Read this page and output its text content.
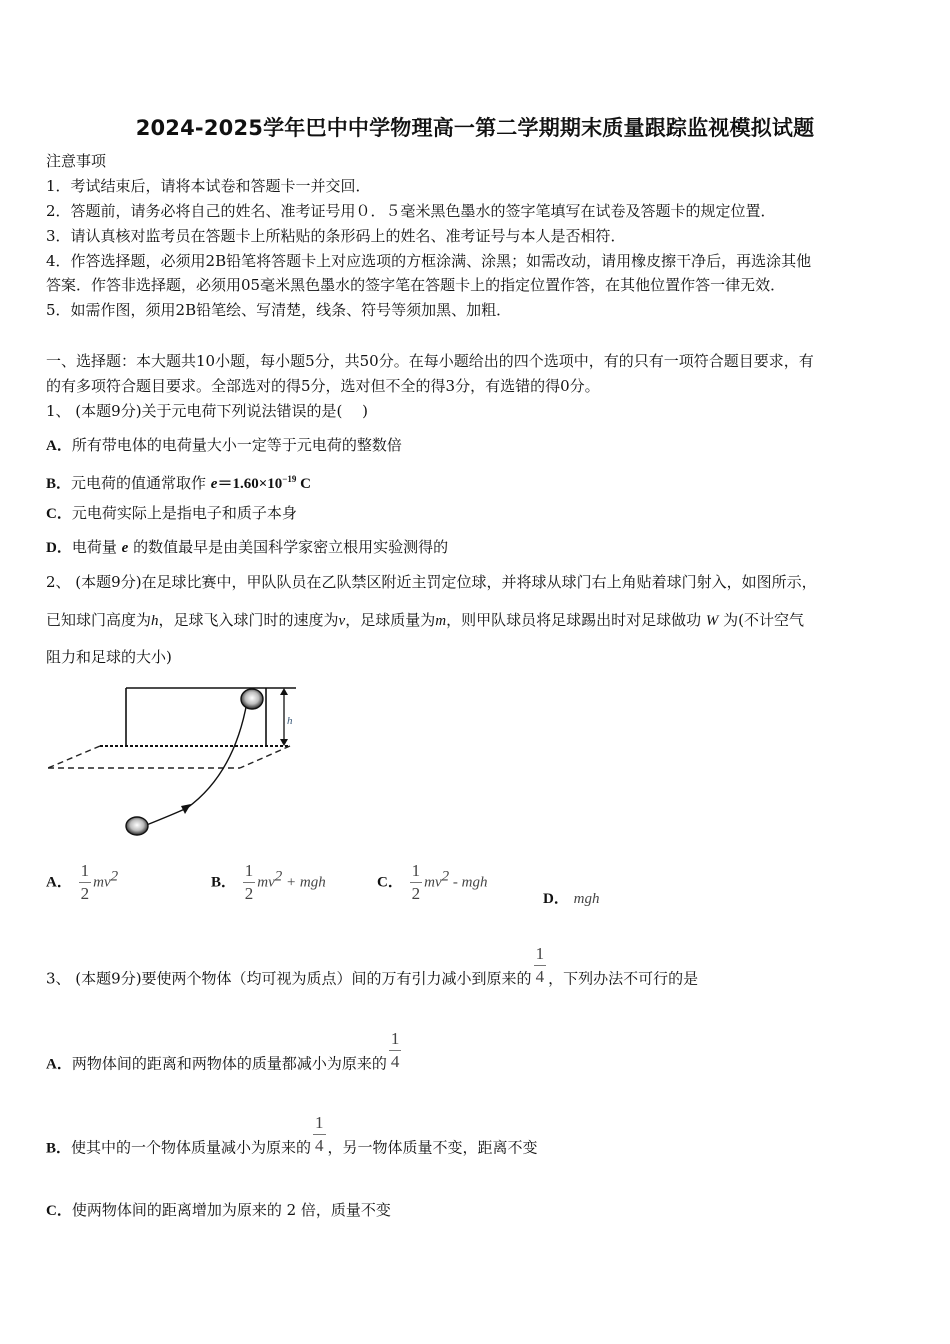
2024-2025学年巴中中学物理高一第二学期期末质量跟踪监视模拟试题
注意事项
1．考试结束后，请将本试卷和答题卡一并交回．
2．答题前，请务必将自己的姓名、准考证号用０．５毫米黑色墨水的签字笔填写在试卷及答题卡的规定位置．
3．请认真核对监考员在答题卡上所粘贴的条形码上的姓名、准考证号与本人是否相符．
4．作答选择题，必须用2B铅笔将答题卡上对应选项的方框涂满、涂黑；如需改动，请用橡皮擦干净后，再选涂其他
答案．作答非选择题，必须用05毫米黑色墨水的签字笔在答题卡上的指定位置作答，在其他位置作答一律无效．
5．如需作图，须用2B铅笔绘、写清楚，线条、符号等须加黑、加粗．
一、选择题：本大题共10小题，每小题5分，共50分。在每小题给出的四个选项中，有的只有一项符合题目要求，有
的有多项符合题目要求。全部选对的得5分，选对但不全的得3分，有选错的得0分。
1、 (本题9分)关于元电荷下列说法错误的是(　 )
A．所有带电体的电荷量大小一定等于元电荷的整数倍
B．元电荷的值通常取作 $e=1.60\times 10^{-19}$ C
C．元电荷实际上是指电子和质子本身
D．电荷量 e 的数值最早是由美国科学家密立根用实验测得的
2、 (本题9分)在足球比赛中，甲队队员在乙队禁区附近主罚定位球，并将球从球门右上角贴着球门射入，如图所示，
已知球门高度为h，足球飞入球门时的速度为v，足球质量为m，则甲队球员将足球踢出时对足球做功 W 为(不计空气
阻力和足球的大小)
h
A． $\frac{1}{2} mv^2$	B． $\frac{1}{2} mv^2$ + mgh	C． $\frac{1}{2} mv^2$ - mgh
D． mgh
3、 (本题9分)要使两个物体（均可视为质点）间的万有引力减小到原来的 $\frac{1}{4}$ ，下列办法不可行的是
A．两物体间的距离和两物体的质量都减小为原来的 $\frac{1}{4}$
B．使其中的一个物体质量减小为原来的 $\frac{1}{4}$ ，另一物体质量不变，距离不变
C．使两物体间的距离增加为原来的 2 倍，质量不变
